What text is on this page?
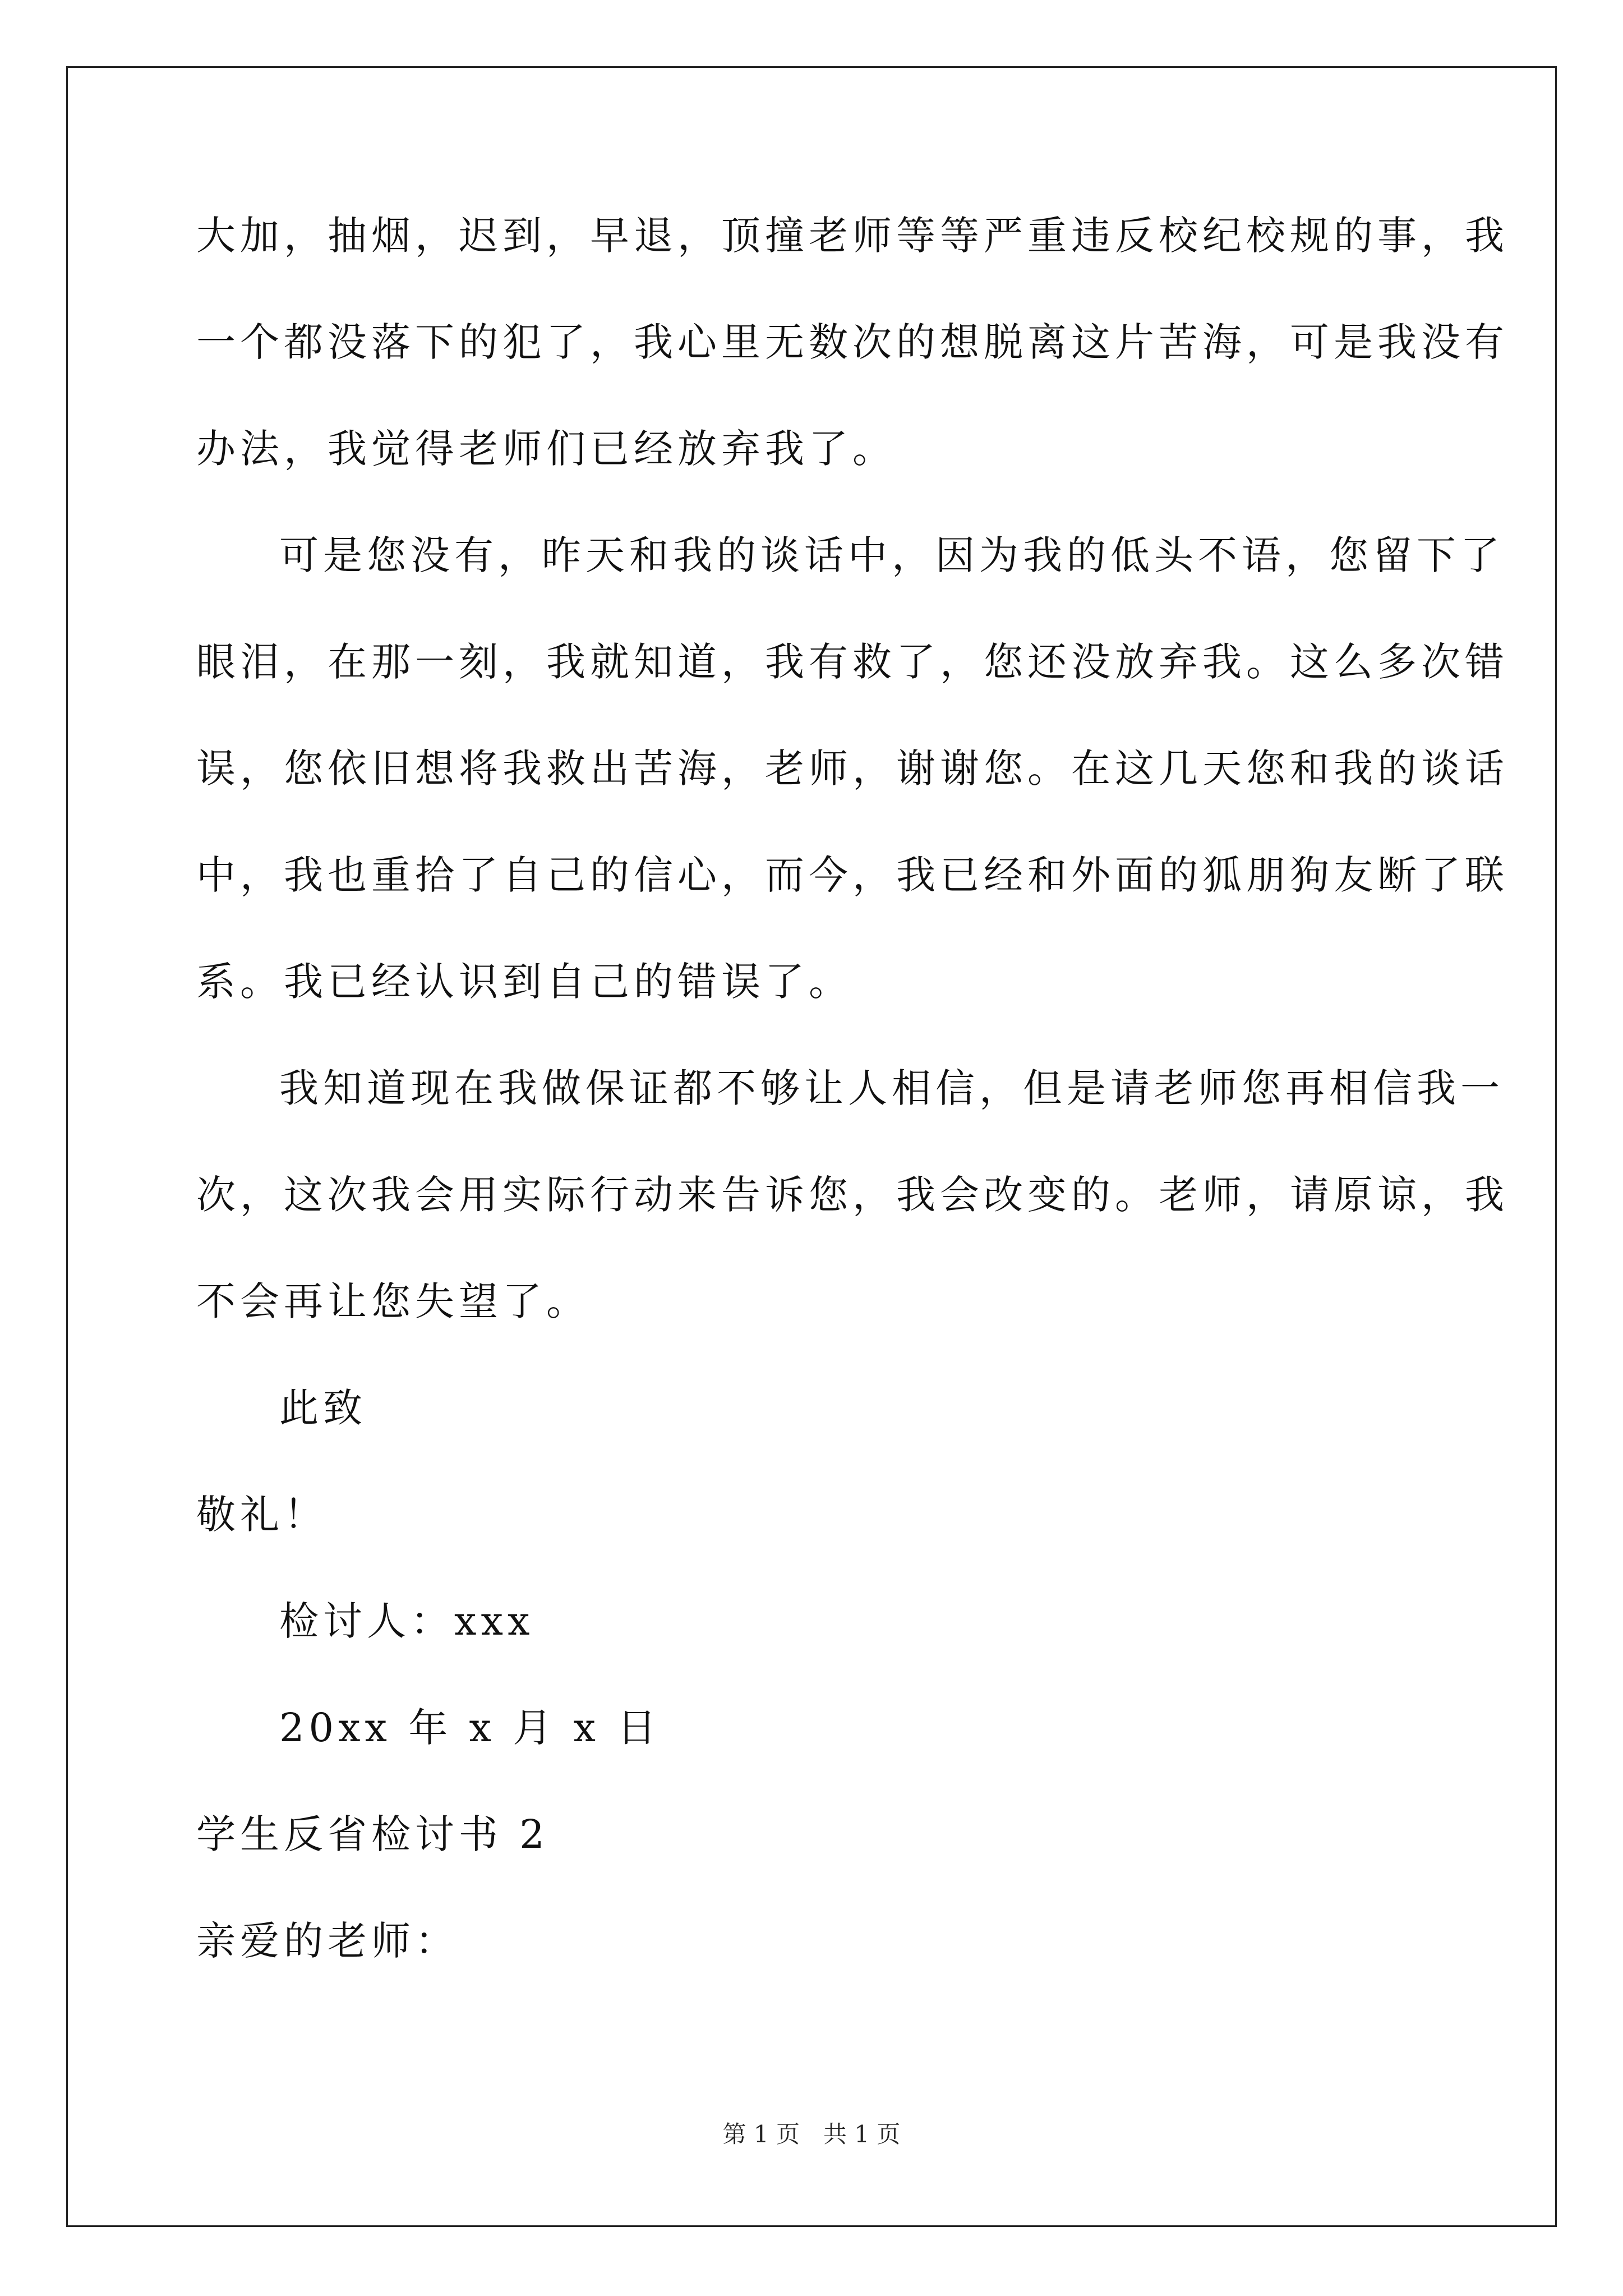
大加，抽烟，迟到，早退，顶撞老师等等严重违反校纪校规的事，我
一个都没落下的犯了，我心里无数次的想脱离这片苦海，可是我没有
办法，我觉得老师们已经放弃我了。
可是您没有，昨天和我的谈话中，因为我的低头不语，您留下了
眼泪，在那一刻，我就知道，我有救了，您还没放弃我。这么多次错
误，您依旧想将我救出苦海，老师，谢谢您。在这几天您和我的谈话
中，我也重拾了自己的信心，而今，我已经和外面的狐朋狗友断了联
系。我已经认识到自己的错误了。
我知道现在我做保证都不够让人相信，但是请老师您再相信我一
次，这次我会用实际行动来告诉您，我会改变的。老师，请原谅，我
不会再让您失望了。
此致
敬礼！
检讨人：xxx
20xx 年 x 月 x 日
学生反省检讨书 2
亲爱的老师：
第 1 页　共 1 页
